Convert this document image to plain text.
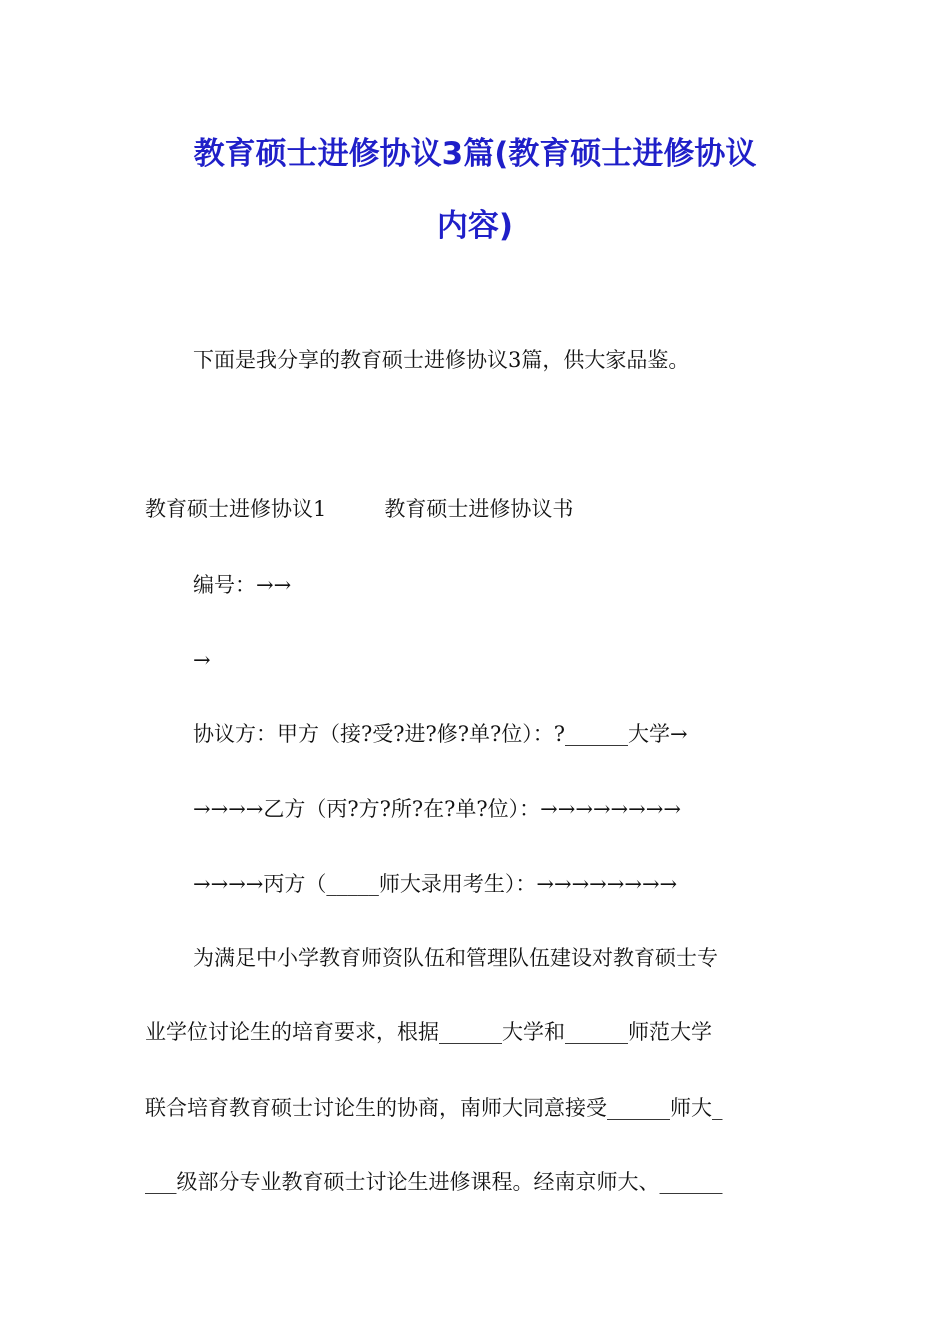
教育硕士进修协议3篇(教育硕士进修协议
内容)
下面是我分享的教育硕士进修协议3篇，供大家品鉴。
教育硕士进修协议1	教育硕士进修协议书
编号：→→
→
协议方：甲方（接?受?进?修?单?位）：?______大学→
→→→→乙方（丙?方?所?在?单?位）：→→→→→→→→
→→→→丙方（_____师大录用考生）：→→→→→→→→
为满足中小学教育师资队伍和管理队伍建设对教育硕士专
业学位讨论生的培育要求，根据______大学和______师范大学
联合培育教育硕士讨论生的协商，南师大同意接受______师大_
___级部分专业教育硕士讨论生进修课程。经南京师大、______
